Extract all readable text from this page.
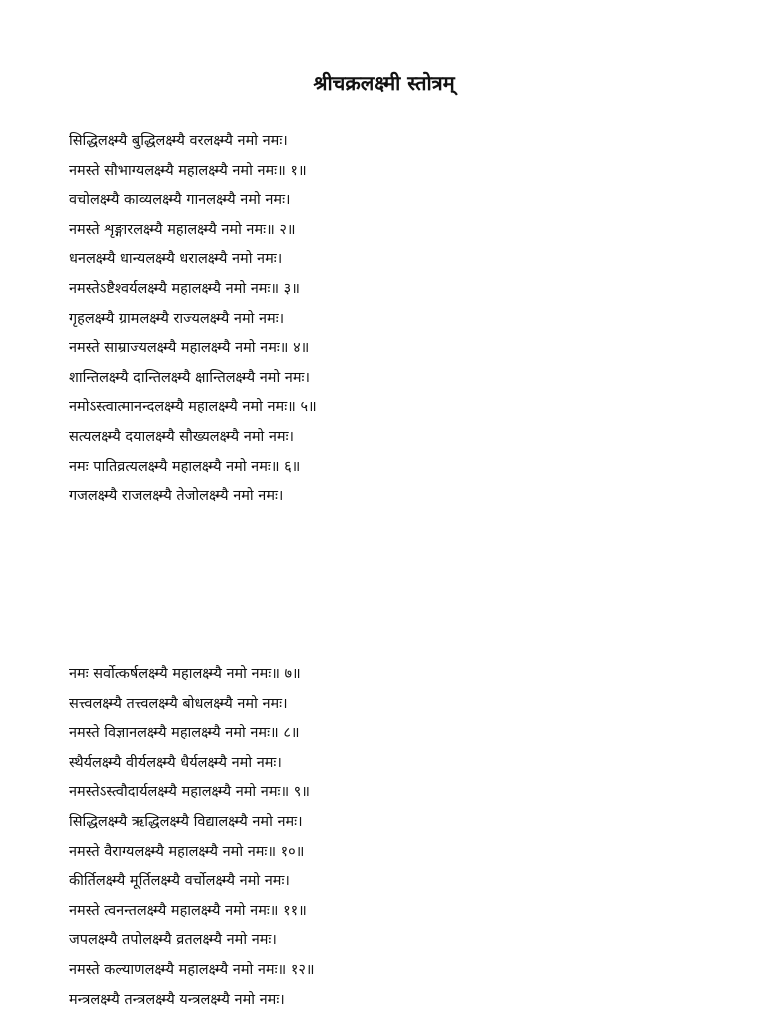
श्रीचक्रलक्ष्मी स्तोत्रम्
सिद्धिलक्ष्म्यै बुद्धिलक्ष्म्यै वरलक्ष्म्यै नमो नमः।
नमस्ते सौभाग्यलक्ष्म्यै महालक्ष्म्यै नमो नमः॥ १॥
वचोलक्ष्म्यै काव्यलक्ष्म्यै गानलक्ष्म्यै नमो नमः।
नमस्ते शृङ्गारलक्ष्म्यै महालक्ष्म्यै नमो नमः॥ २॥
धनलक्ष्म्यै धान्यलक्ष्म्यै धरालक्ष्म्यै नमो नमः।
नमस्तेऽष्टैश्वर्यलक्ष्म्यै महालक्ष्म्यै नमो नमः॥ ३॥
गृहलक्ष्म्यै ग्रामलक्ष्म्यै राज्यलक्ष्म्यै नमो नमः।
नमस्ते साम्राज्यलक्ष्म्यै महालक्ष्म्यै नमो नमः॥ ४॥
शान्तिलक्ष्म्यै दान्तिलक्ष्म्यै क्षान्तिलक्ष्म्यै नमो नमः।
नमोऽस्त्वात्मानन्दलक्ष्म्यै महालक्ष्म्यै नमो नमः॥ ५॥
सत्यलक्ष्म्यै दयालक्ष्म्यै सौख्यलक्ष्म्यै नमो नमः।
नमः पातिव्रत्यलक्ष्म्यै महालक्ष्म्यै नमो नमः॥ ६॥
गजलक्ष्म्यै राजलक्ष्म्यै तेजोलक्ष्म्यै नमो नमः।
नमः सर्वोत्कर्षलक्ष्म्यै महालक्ष्म्यै नमो नमः॥ ७॥
सत्त्वलक्ष्म्यै तत्त्वलक्ष्म्यै बोधलक्ष्म्यै नमो नमः।
नमस्ते विज्ञानलक्ष्म्यै महालक्ष्म्यै नमो नमः॥ ८॥
स्थैर्यलक्ष्म्यै वीर्यलक्ष्म्यै धैर्यलक्ष्म्यै नमो नमः।
नमस्तेऽस्त्वौदार्यलक्ष्म्यै महालक्ष्म्यै नमो नमः॥ ९॥
सिद्धिलक्ष्म्यै ऋद्धिलक्ष्म्यै विद्यालक्ष्म्यै नमो नमः।
नमस्ते वैराग्यलक्ष्म्यै महालक्ष्म्यै नमो नमः॥ १०॥
कीर्तिलक्ष्म्यै मूर्तिलक्ष्म्यै वर्चोलक्ष्म्यै नमो नमः।
नमस्ते त्वनन्तलक्ष्म्यै महालक्ष्म्यै नमो नमः॥ ११॥
जपलक्ष्म्यै तपोलक्ष्म्यै व्रतलक्ष्म्यै नमो नमः।
नमस्ते कल्याणलक्ष्म्यै महालक्ष्म्यै नमो नमः॥ १२॥
मन्त्रलक्ष्म्यै तन्त्रलक्ष्म्यै यन्त्रलक्ष्म्यै नमो नमः।
